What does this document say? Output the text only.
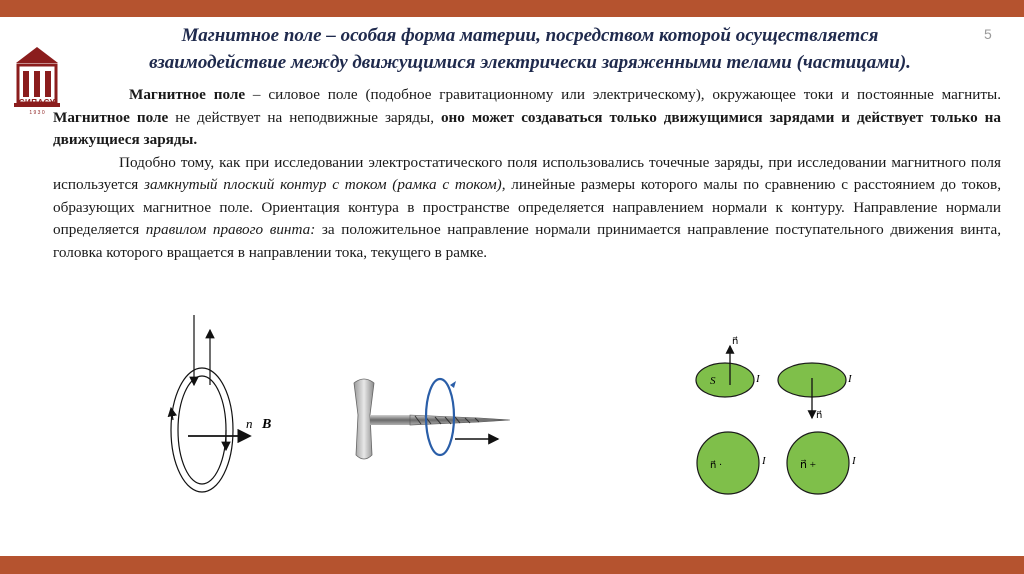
СИПАСУ
1 9 3 0
5
Магнитное поле – особая форма материи, посредством которой осуществляется
взаимодействие между движущимися электрически заряженными телами (частицами).

Магнитное поле – силовое поле (подобное гравитационному или электрическому), окружающее токи и постоянные магниты. Магнитное поле не действует на неподвижные заряды, оно может создаваться только движущимися зарядами и действует только на движущиеся заряды.

Подобно тому, как при исследовании электростатического поля использовались точечные заряды, при исследовании магнитного поля используется замкнутый плоский контур с током (рамка с током), линейные размеры которого малы по сравнению с расстоянием до токов, образующих магнитное поле. Ориентация контура в пространстве определяется направлением нормали к контуру. Направление нормали определяется правилом правого винта: за положительное направление нормали принимается направление поступательного движения винта, головка которого вращается в направлении тока, текущего в рамке.

n⃗ B⃗
n⃗
S	I
n⃗
I
n⃗ ·	I	n⃗ +	I
